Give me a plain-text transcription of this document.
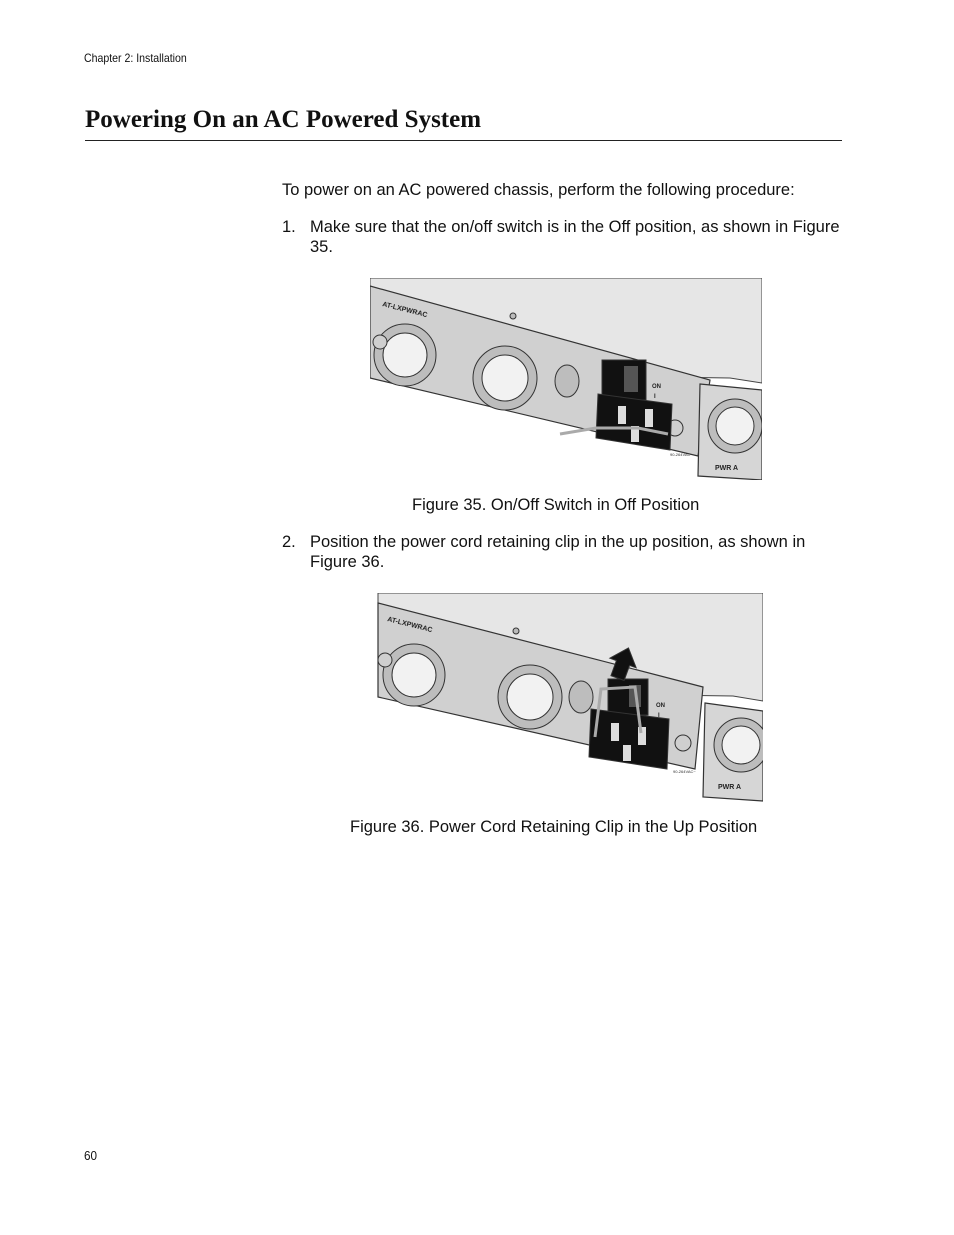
Chapter 2: Installation
Powering On an AC Powered System

To power on an AC powered chassis, perform the following procedure:

1. Make sure that the on/off switch is in the Off position, as shown in Figure 35.
AT-LXPWRAC
ON
I
90-264VAC~
PWR A
Figure 35. On/Off Switch in Off Position
2. Position the power cord retaining clip in the up position, as shown in Figure 36.
AT-LXPWRAC
ON
I
90-264VAC~
PWR A
Figure 36. Power Cord Retaining Clip in the Up Position
60
